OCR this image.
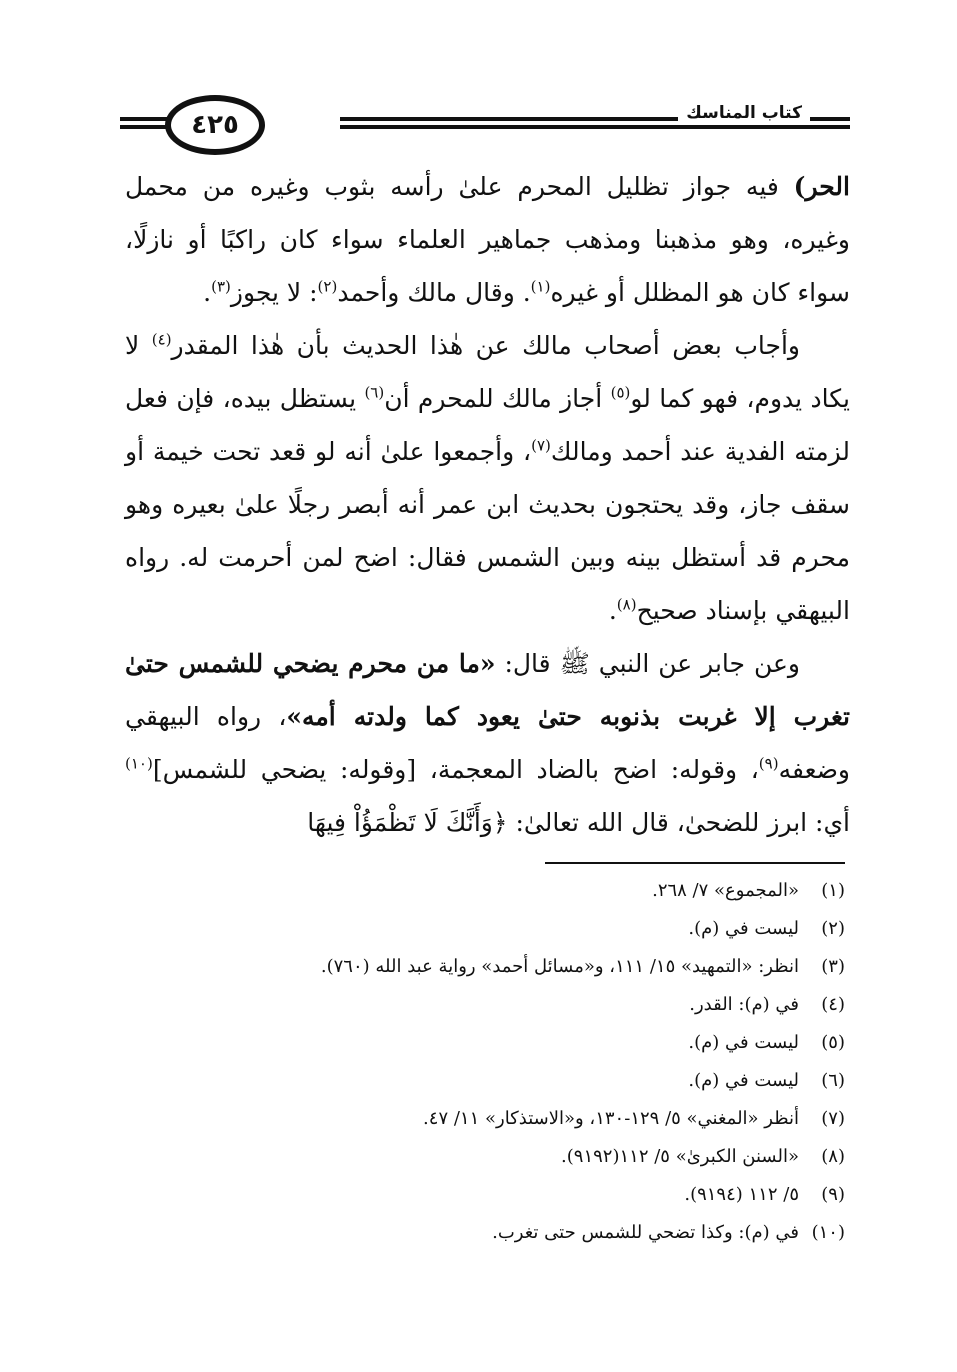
٤٢٥	كتاب المناسك

الحر) فيه جواز تظليل المحرم علىٰ رأسه بثوب وغيره من محمل وغيره، وهو مذهبنا ومذهب جماهير العلماء سواء كان راكبًا أو نازلًا، سواء كان هو المظلل أو غيره$^{(١)}$. وقال مالك وأحمد$^{(٢)}$: لا يجوز$^{(٣)}$.

وأجاب بعض أصحاب مالك عن هٰذا الحديث بأن هٰذا المقدر$^{(٤)}$ لا يكاد يدوم، فهو كما لو$^{(٥)}$ أجاز مالك للمحرم أن$^{(٦)}$ يستظل بيده، فإن فعل لزمته الفدية عند أحمد ومالك$^{(٧)}$، وأجمعوا علىٰ أنه لو قعد تحت خيمة أو سقف جاز، وقد يحتجون بحديث ابن عمر أنه أبصر رجلًا علىٰ بعيره وهو محرم قد أستظل بينه وبين الشمس فقال: اضح لمن أحرمت له. رواه البيهقي بإسناد صحيح$^{(٨)}$.

وعن جابر عن النبي ﷺ قال: «ما من محرم يضحي للشمس حتىٰ تغرب إلا غربت بذنوبه حتىٰ يعود كما ولدته أمه»، رواه البيهقي وضعفه$^{(٩)}$، وقوله: اضح بالضاد المعجمة، [وقوله: يضحي للشمس]$^{(١٠)}$ أي: ابرز للضحىٰ، قال الله تعالىٰ: ﴿وَأَنَّكَ لَا تَظْمَؤُاْ فِيهَا

(١)
«المجموع» ٧/ ٢٦٨.
(٢)
ليست في (م).
(٣)
انظر: «التمهيد» ١٥/ ١١١، و«مسائل أحمد» رواية عبد الله (٧٦٠).
(٤)
في (م): القدر.
(٥)
ليست في (م).
(٦)
ليست في (م).
(٧)
أنظر «المغني» ٥/ ١٢٩-١٣٠، و«الاستذكار» ١١/ ٤٧.
(٨)
«السنن الكبرىٰ» ٥/ ١١٢(٩١٩٢).
(٩)
٥/ ١١٢ (٩١٩٤).
(١٠)
في (م): وكذا تضحي للشمس حتى تغرب.
